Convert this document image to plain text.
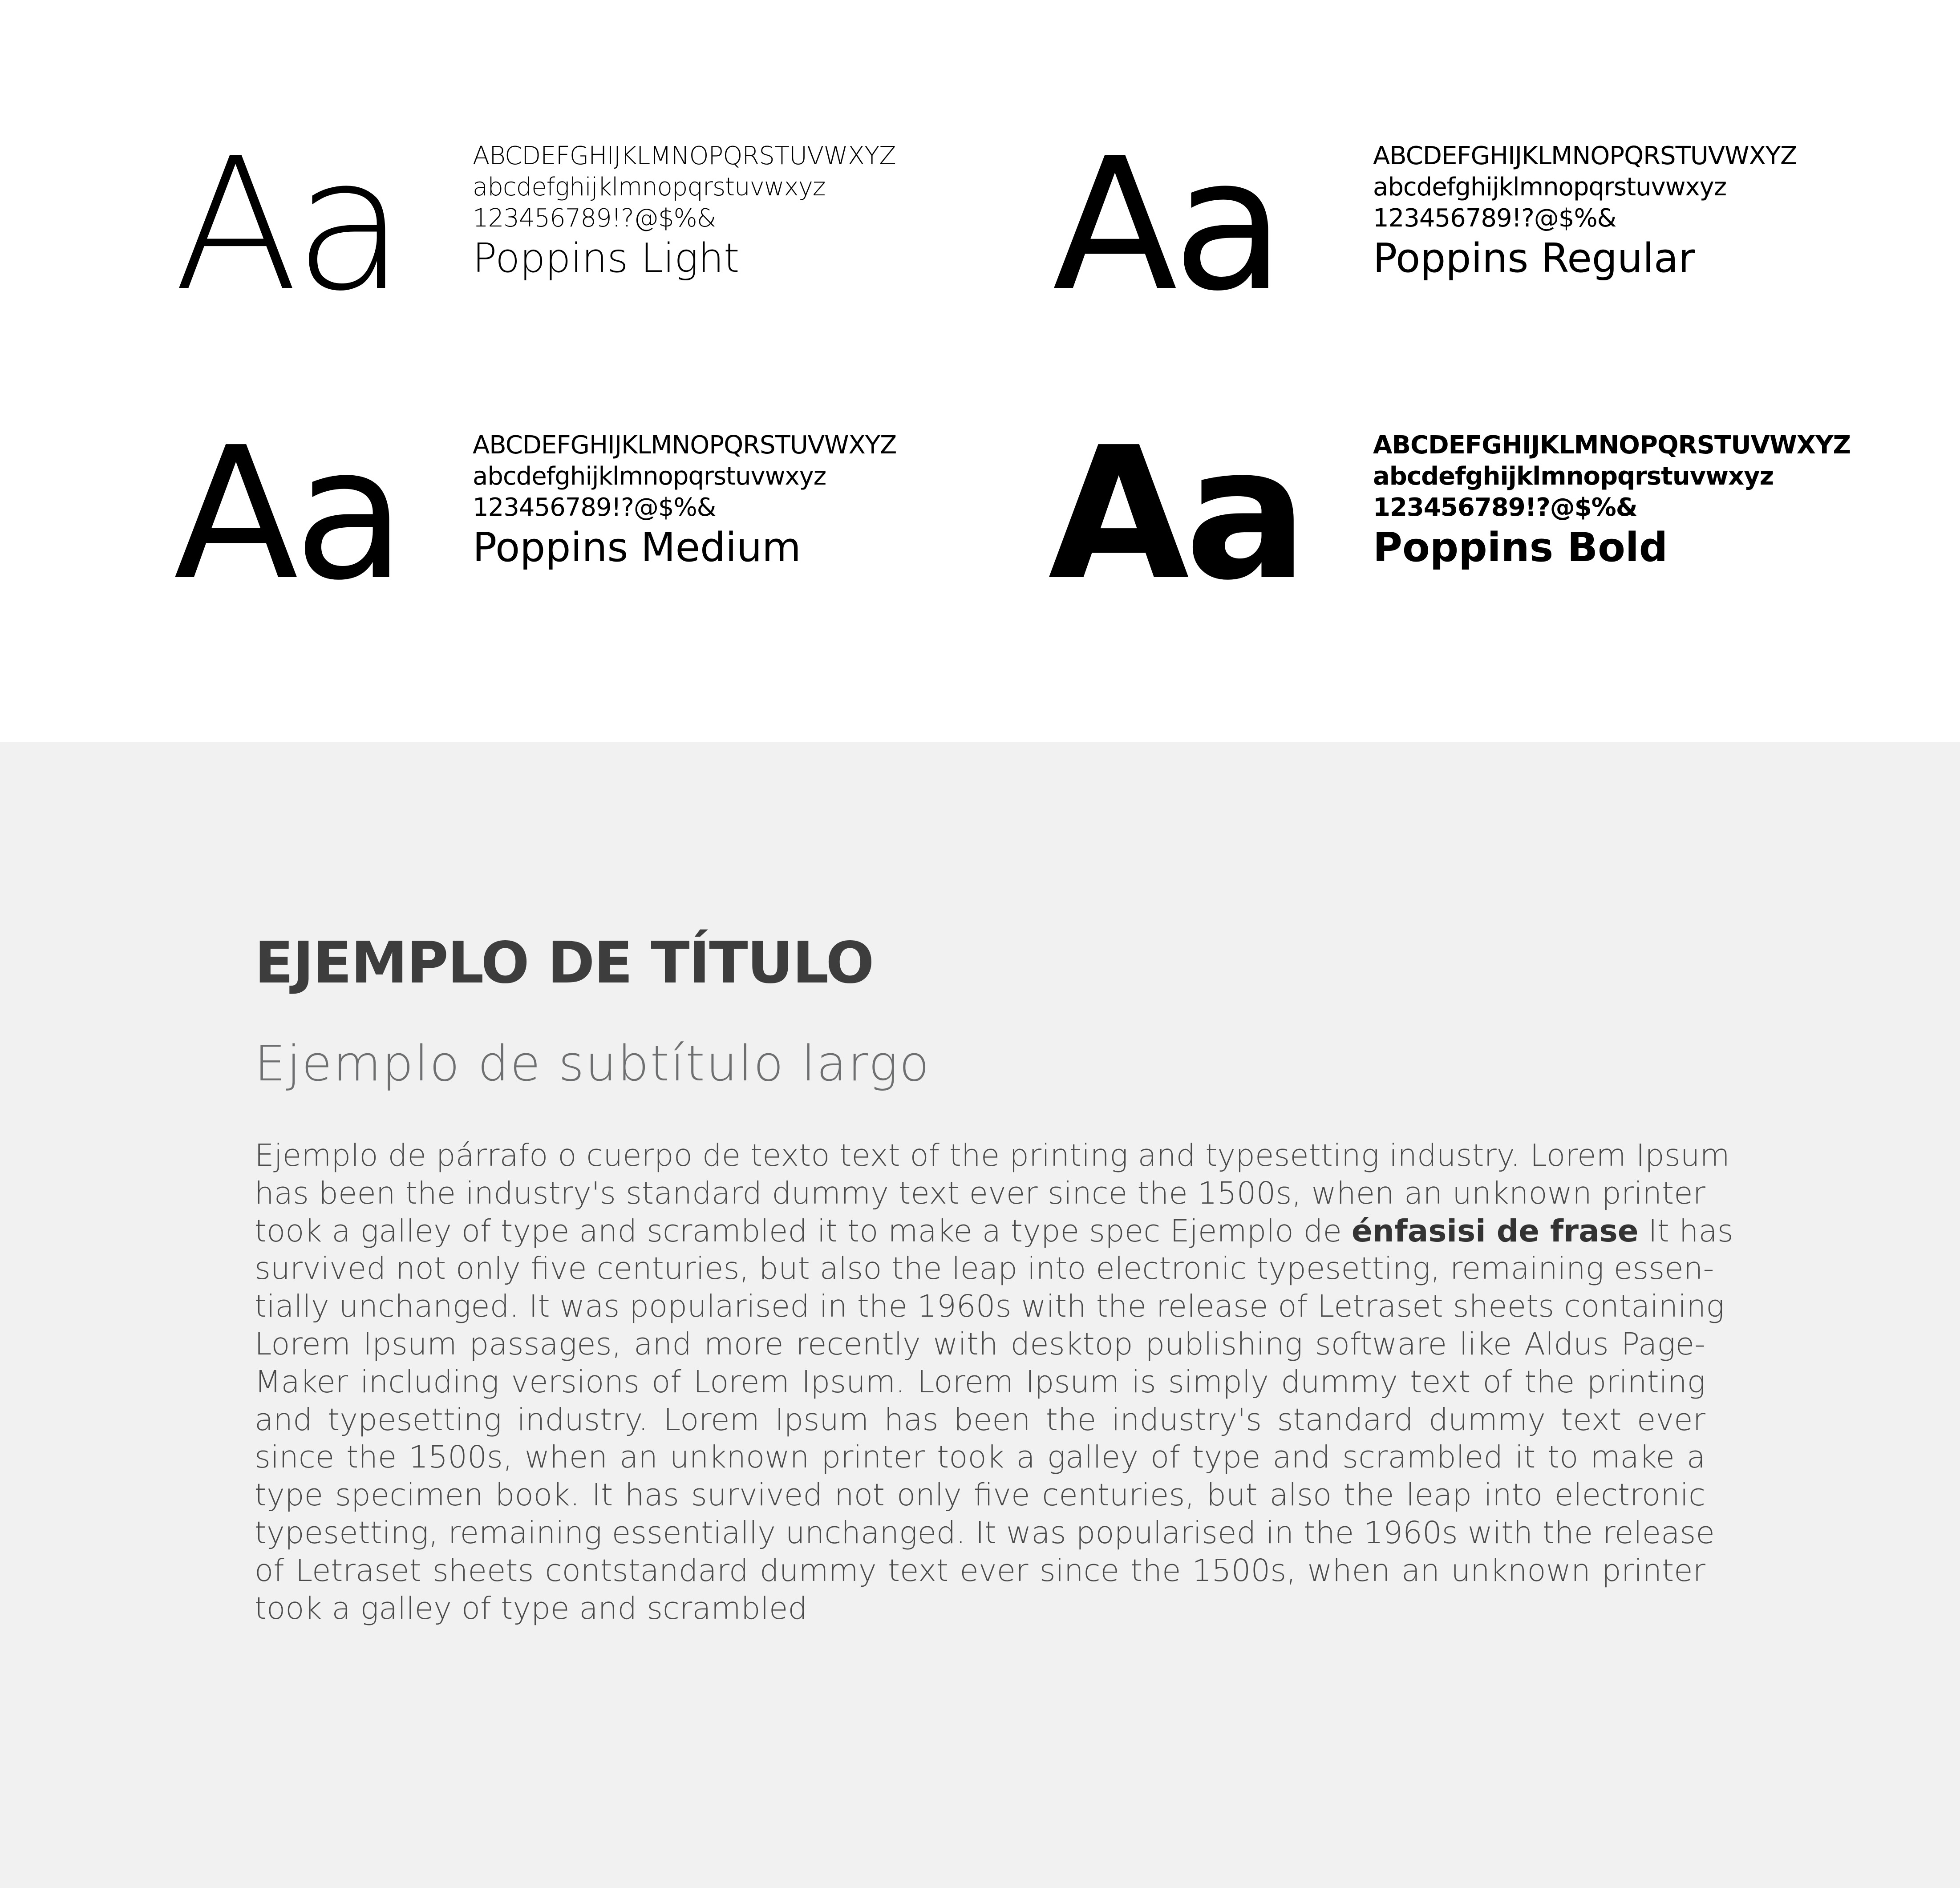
Aa	ABCDEFGHIJKLMNOPQRSTUVWXYZ
abcdefghijklmnopqrstuvwxyz
123456789!?@$%&
Poppins Light Aa	ABCDEFGHIJKLMNOPQRSTUVWXYZ
abcdefghijklmnopqrstuvwxyz
123456789!?@$%&
Poppins Regular
Aa	ABCDEFGHIJKLMNOPQRSTUVWXYZ
abcdefghijklmnopqrstuvwxyz
123456789!?@$%&
Poppins Medium Aa	ABCDEFGHIJKLMNOPQRSTUVWXYZ
abcdefghijklmnopqrstuvwxyz
123456789!?@$%&
Poppins Bold
EJEMPLO DE TÍTULO
Ejemplo de subtítulo largo
Ejemplo de párrafo o cuerpo de texto text of the printing and typesetting industry. Lorem Ipsum
has been the industry's standard dummy text ever since the 1500s, when an unknown printer
took a galley of type and scrambled it to make a type spec Ejemplo de énfasisi de frase It has
survived not only five centuries, but also the leap into electronic typesetting, remaining essen-
tially unchanged. It was popularised in the 1960s with the release of Letraset sheets containing
Lorem Ipsum passages, and more recently with desktop publishing software like Aldus Page-
Maker including versions of Lorem Ipsum. Lorem Ipsum is simply dummy text of the printing
and typesetting industry. Lorem Ipsum has been the industry's standard dummy text ever
since the 1500s, when an unknown printer took a galley of type and scrambled it to make a
type specimen book. It has survived not only five centuries, but also the leap into electronic
typesetting, remaining essentially unchanged. It was popularised in the 1960s with the release
of Letraset sheets contstandard dummy text ever since the 1500s, when an unknown printer
took a galley of type and scrambled
